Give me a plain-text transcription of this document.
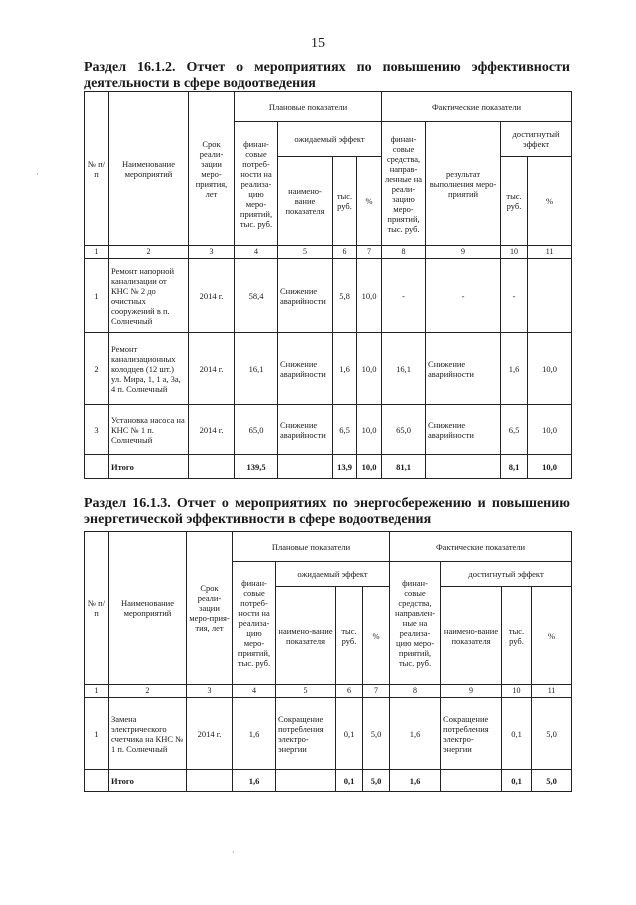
15
Раздел 16.1.2. Отчет о мероприятиях по повышению эффективности деятельности в сфере водоотведения
№ п/п	Наименование мероприятий	Срок реали-зации меро-приятия, лет	Плановые показатели				Фактические показатели			
			финан-совые потреб-ности на реализа-цию меро-приятий, тыс. руб.	ожидаемый эффект			финан-совые средства, направ-ленные на реали-зацию меро-приятий, тыс. руб.	результат выполнения меро-приятий	достигнутый эффект	
				наимено-вание показателя	тыс. руб.	%			тыс. руб.	%
1	2	3	4	5	6	7	8	9	10	11
1	Ремонт напорной канализации от КНС № 2 до очистных сооружений в п. Солнечный	2014 г.	58,4	Снижение аварийности	5,8	10,0	-	-	-	
2	Ремонт канализационных колодцев (12 шт.) ул. Мира, 1, 1 а, 3а, 4 п. Солнечный	2014 г.	16,1	Снижение аварийности	1,6	10,0	16,1	Снижение аварийности	1,6	10,0
3	Установка насоса на КНС № 1 п. Солнечный	2014 г.	65,0	Снижение аварийности	6,5	10,0	65,0	Снижение аварийности	6,5	10,0
	Итого		139,5		13,9	10,0	81,1		8,1	10,0
Раздел 16.1.3. Отчет о мероприятиях по энергосбережению и повышению энергетической эффективности в сфере водоотведения
№ п/п	Наименование мероприятий	Срок реали-зации меро-прия-тия, лет	Плановые показатели				Фактические показатели			
			финан-совые потреб-ности на реализа-цию меро-приятий, тыс. руб.	ожидаемый эффект			финан-совые средства, направлен-ные на реализа-цию меро-приятий, тыс. руб.	достигнутый эффект		
				наимено-вание показателя	тыс. руб.	%		наимено-вание показателя	тыс. руб.	%
1	2	3	4	5	6	7	8	9	10	11
1	Замена электрического счетчика на КНС № 1 п. Солнечный	2014 г.	1,6	Сокращение потребления электро-энергии	0,1	5,0	1,6	Сокращение потребления электро-энергии	0,1	5,0
	Итого		1,6		0,1	5,0	1,6		0,1	5,0
·
·
